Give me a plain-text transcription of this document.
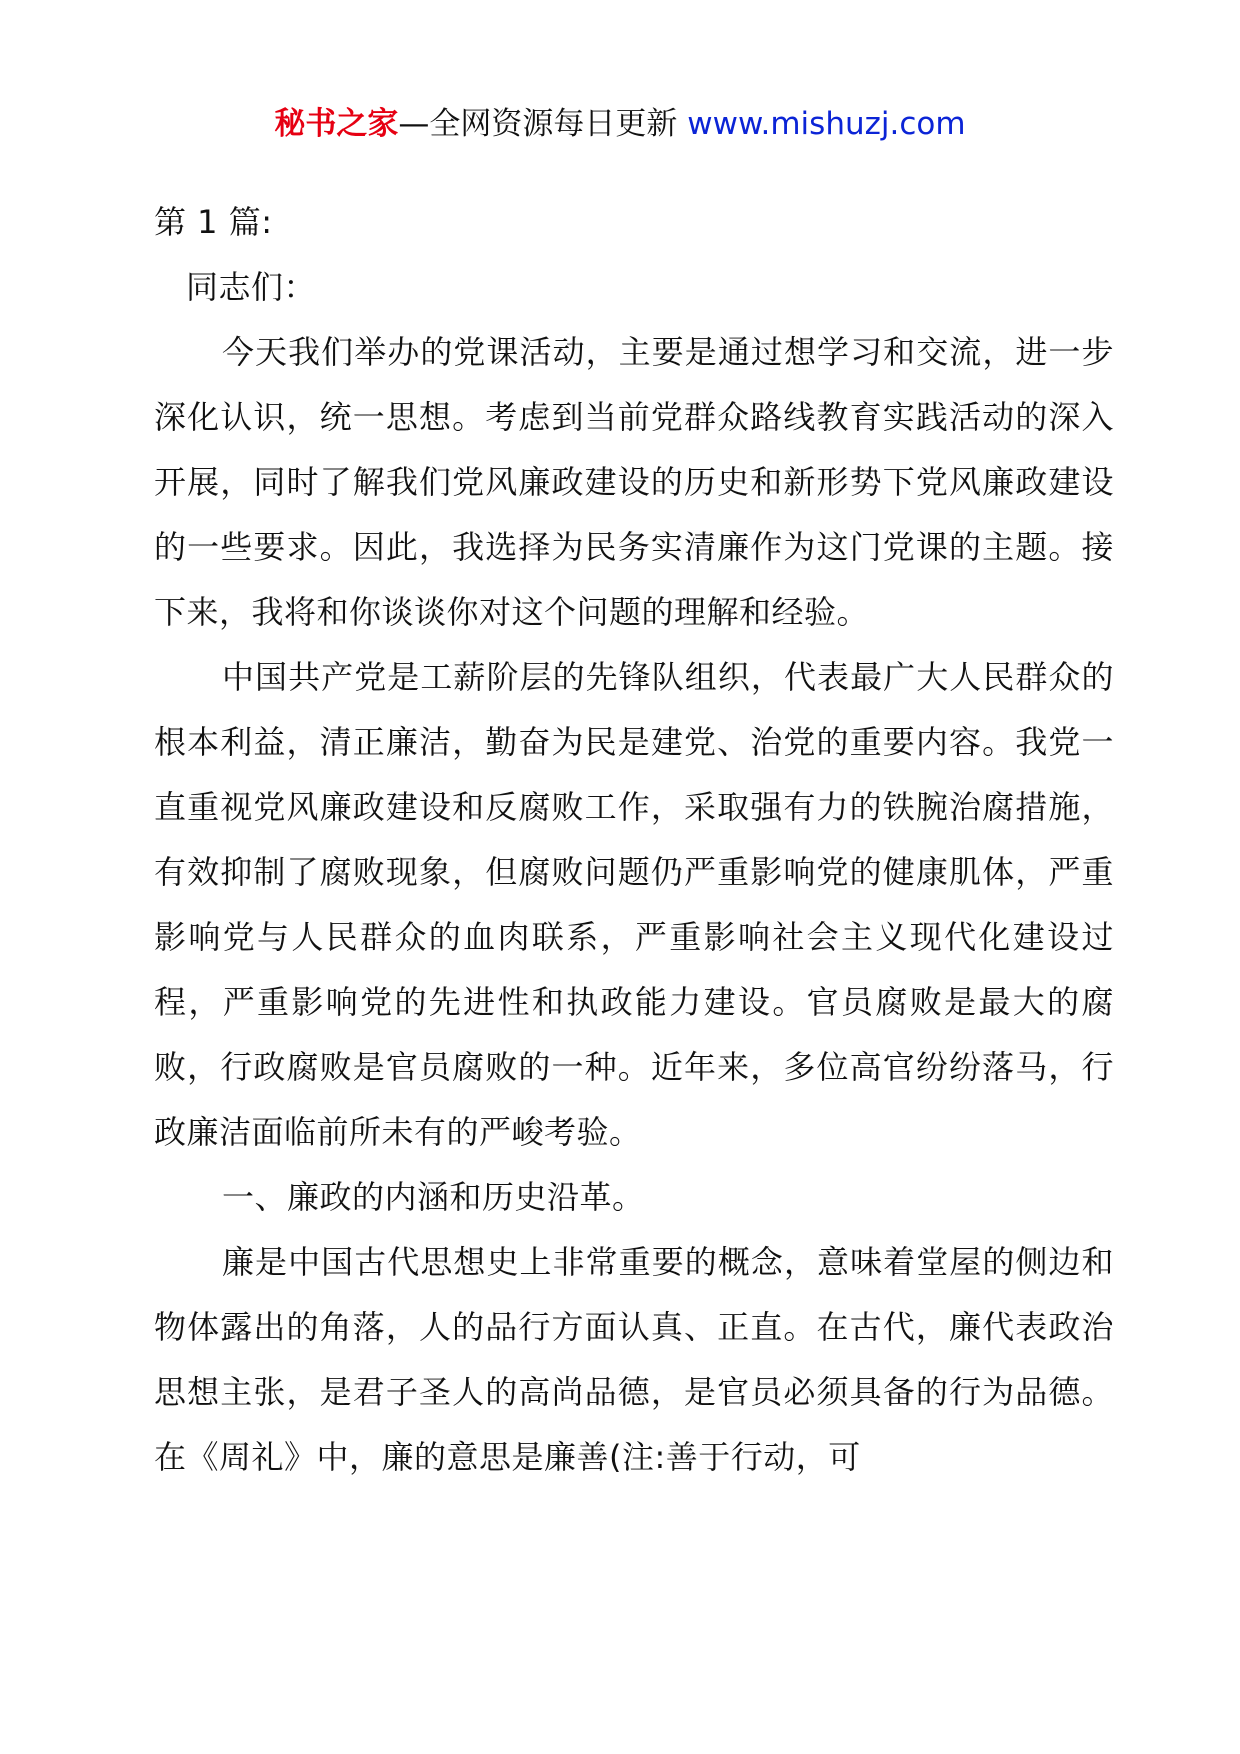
秘书之家—全网资源每日更新 www.mishuzj.com

第 1 篇:

同志们：

今天我们举办的党课活动，主要是通过想学习和交流，进一步深化认识，统一思想。考虑到当前党群众路线教育实践活动的深入开展，同时了解我们党风廉政建设的历史和新形势下党风廉政建设的一些要求。因此，我选择为民务实清廉作为这门党课的主题。接下来，我将和你谈谈你对这个问题的理解和经验。

中国共产党是工薪阶层的先锋队组织，代表最广大人民群众的根本利益，清正廉洁，勤奋为民是建党、治党的重要内容。我党一直重视党风廉政建设和反腐败工作，采取强有力的铁腕治腐措施，有效抑制了腐败现象，但腐败问题仍严重影响党的健康肌体，严重影响党与人民群众的血肉联系，严重影响社会主义现代化建设过程，严重影响党的先进性和执政能力建设。官员腐败是最大的腐败，行政腐败是官员腐败的一种。近年来，多位高官纷纷落马，行政廉洁面临前所未有的严峻考验。

一、廉政的内涵和历史沿革。

廉是中国古代思想史上非常重要的概念，意味着堂屋的侧边和物体露出的角落，人的品行方面认真、正直。在古代，廉代表政治思想主张，是君子圣人的高尚品德，是官员必须具备的行为品德。在《周礼》中，廉的意思是廉善(注:善于行动，可
